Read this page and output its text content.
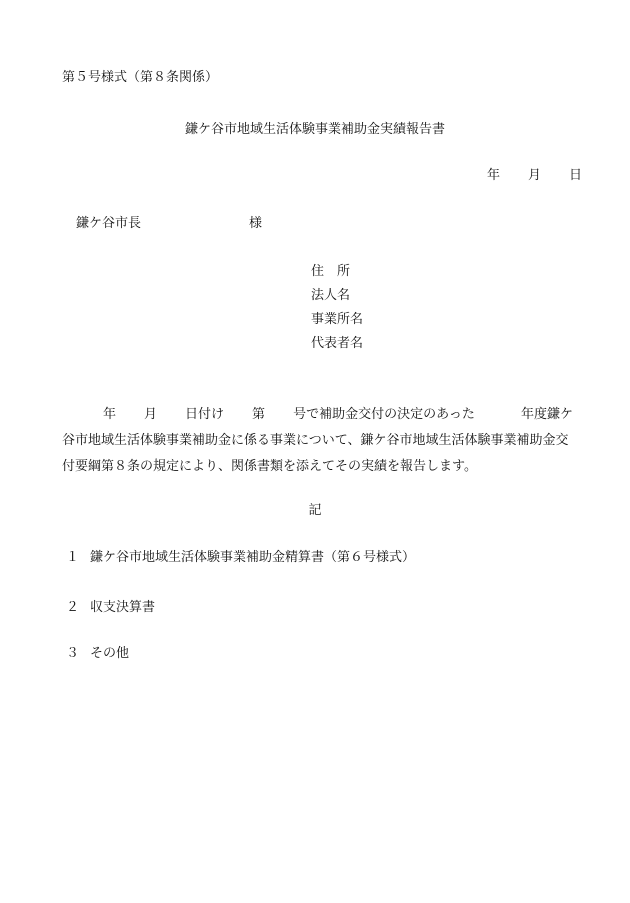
第５号様式（第８条関係）
鎌ケ谷市地域生活体験事業補助金実績報告書
年 月 日
鎌ケ谷市長	様
住　所
法人名
事業所名
代表者名

年 月 日付け 第 号で補助金交付の決定のあった	年度鎌ケ

谷市地域生活体験事業補助金に係る事業について、鎌ケ谷市地域生活体験事業補助金交

付要綱第８条の規定により、関係書類を添えてその実績を報告します。

記
１ 鎌ケ谷市地域生活体験事業補助金精算書（第６号様式）
２ 収支決算書
３ その他
